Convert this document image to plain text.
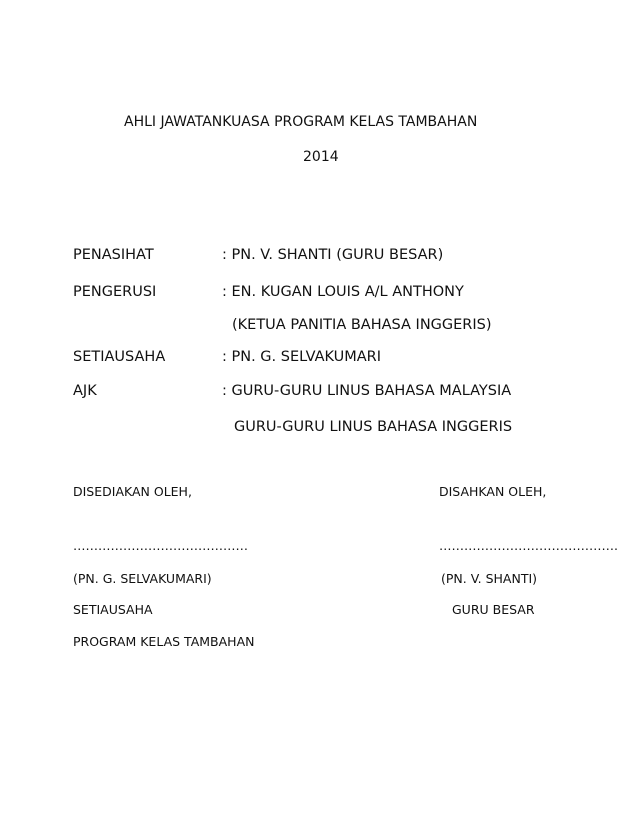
AHLI JAWATANKUASA PROGRAM KELAS TAMBAHAN
2014
PENASIHAT	: PN. V. SHANTI (GURU BESAR)
PENGERUSI	: EN. KUGAN LOUIS A/L ANTHONY
(KETUA PANITIA BAHASA INGGERIS)
SETIAUSAHA	: PN. G. SELVAKUMARI
AJK	: GURU-GURU LINUS BAHASA MALAYSIA
GURU-GURU LINUS BAHASA INGGERIS
DISEDIAKAN OLEH,	DISAHKAN OLEH,
……………………………………	…………………………………….
(PN. G. SELVAKUMARI)	(PN. V. SHANTI)
SETIAUSAHA	GURU BESAR
PROGRAM KELAS TAMBAHAN
